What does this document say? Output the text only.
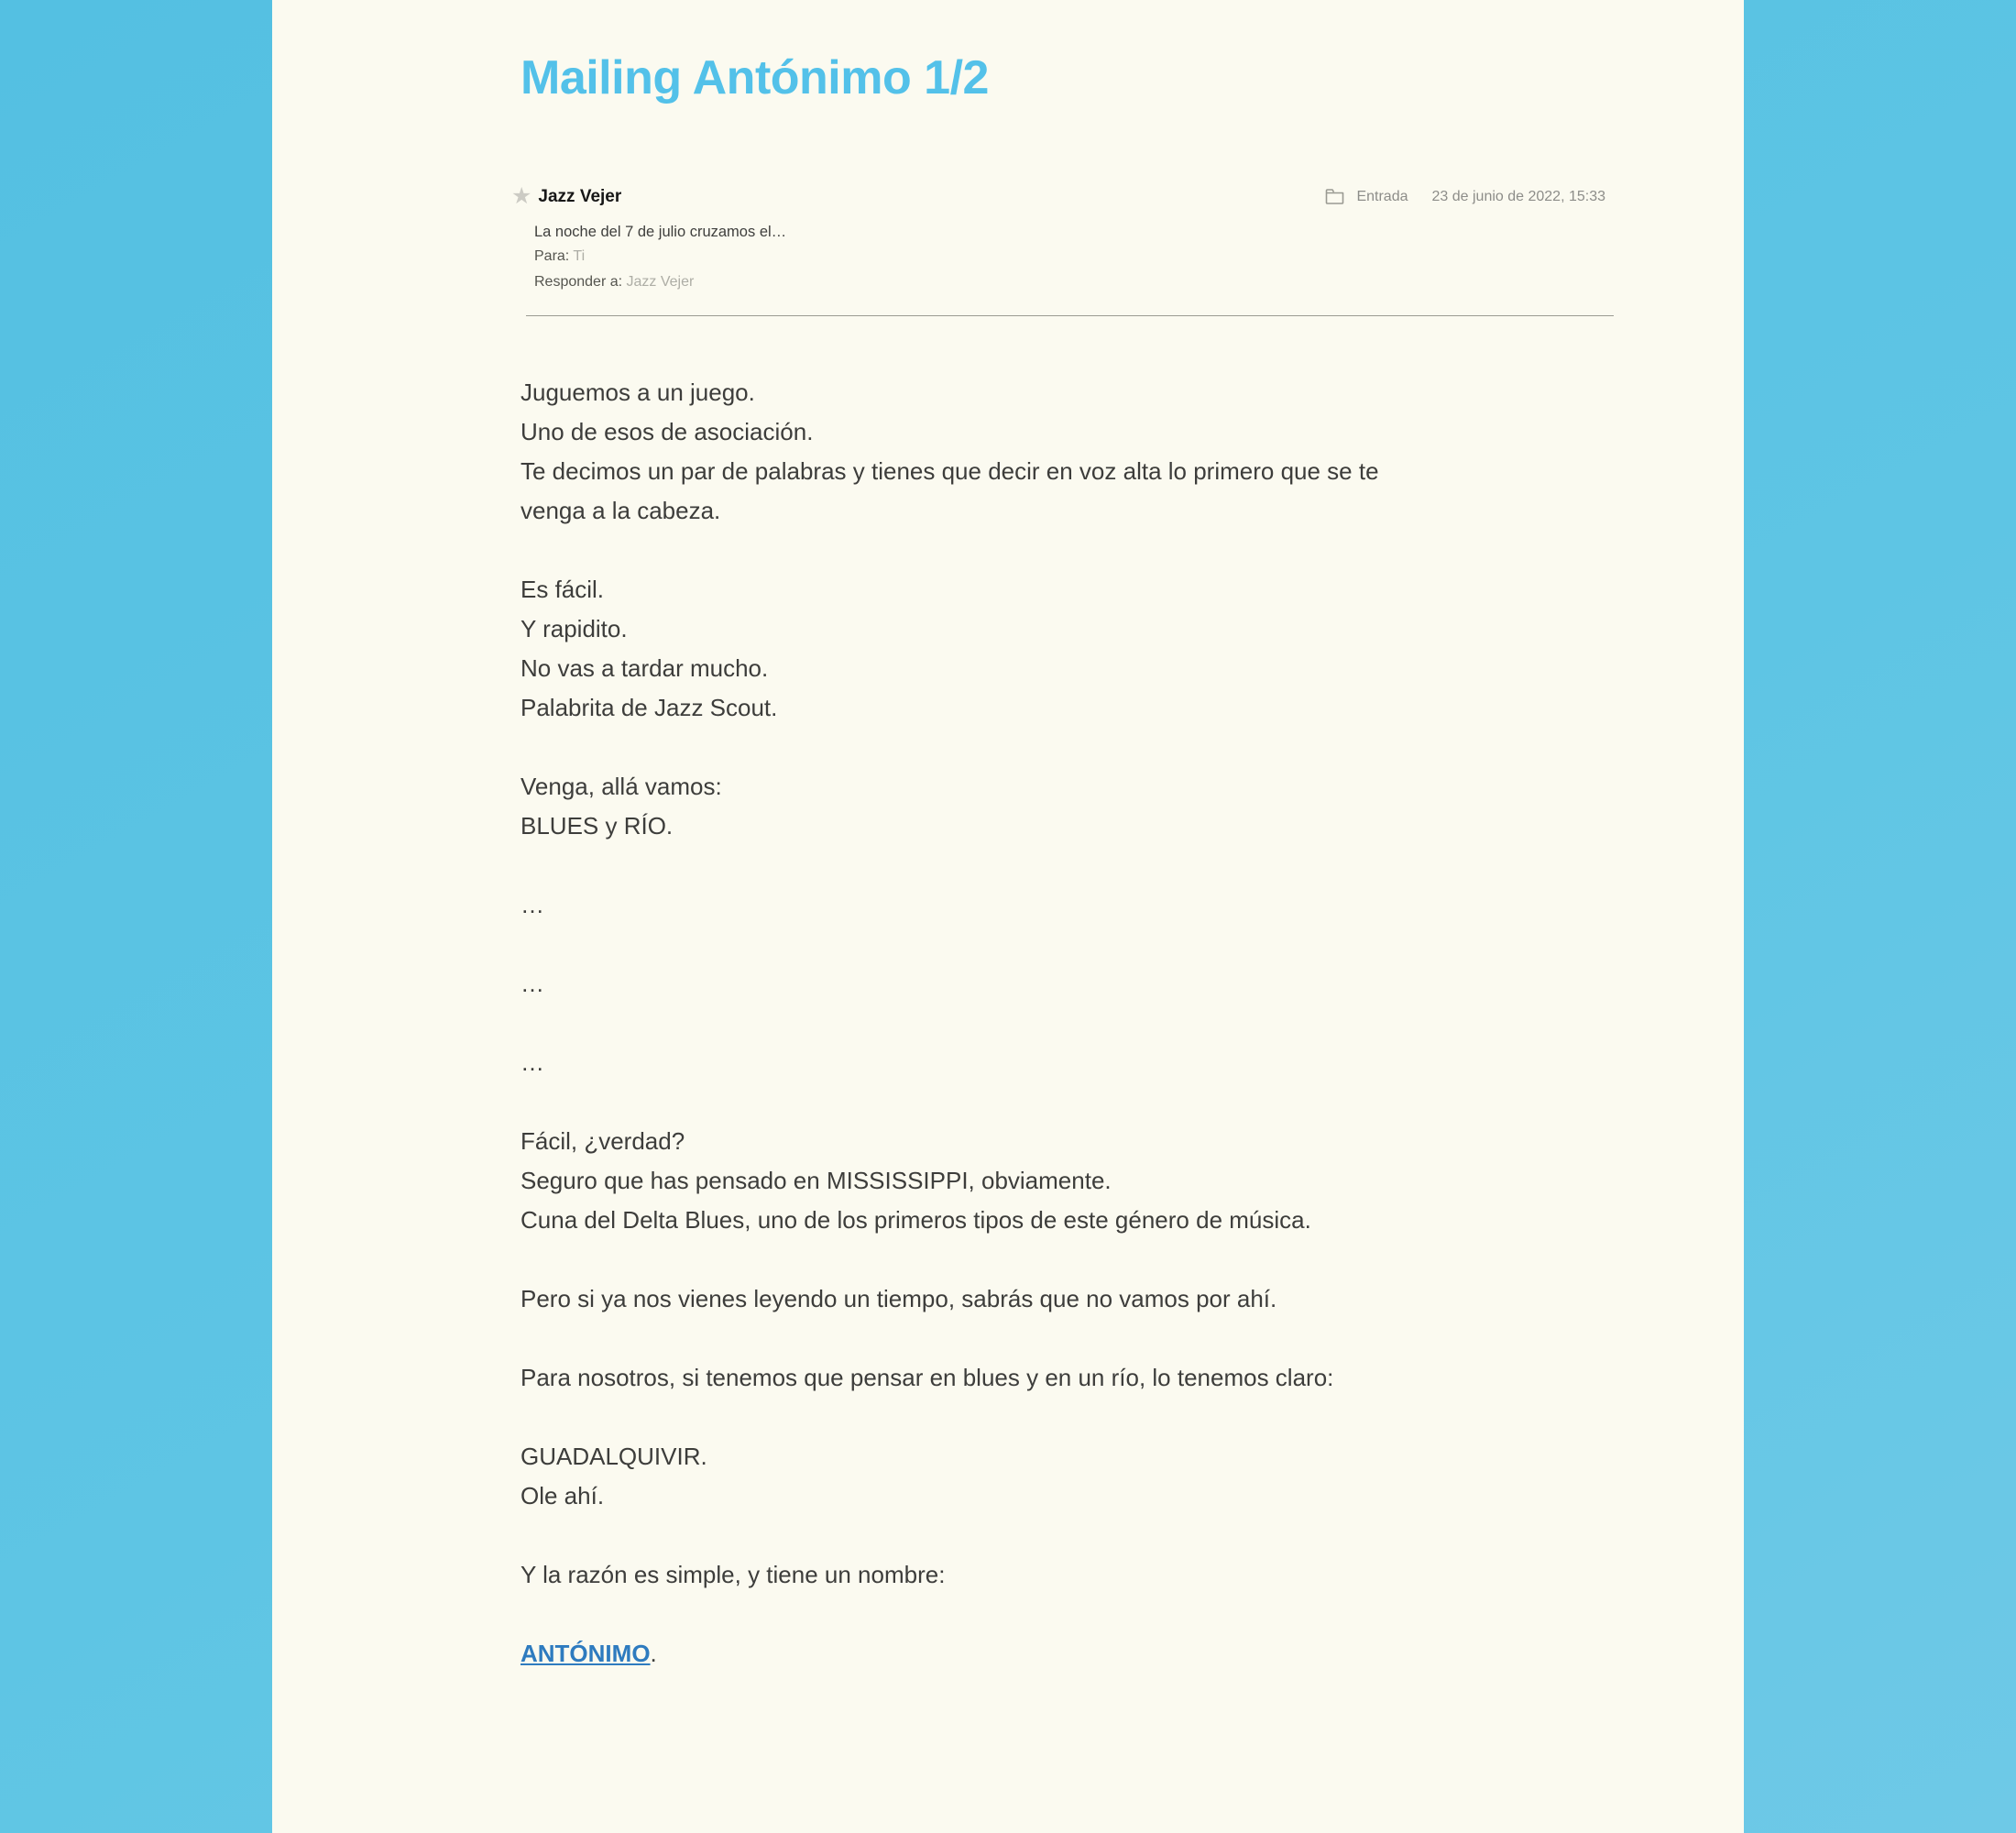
Mailing Antónimo 1/2
★ Jazz Vejer	Entrada 23 de junio de 2022, 15:33
La noche del 7 de julio cruzamos el…
Para: Ti
Responder a: Jazz Vejer

Juguemos a un juego.
Uno de esos de asociación.
Te decimos un par de palabras y tienes que decir en voz alta lo primero que se te
venga a la cabeza.

Es fácil.
Y rapidito.
No vas a tardar mucho.
Palabrita de Jazz Scout.

Venga, allá vamos:
BLUES y RÍO.

…

…

…

Fácil, ¿verdad?
Seguro que has pensado en MISSISSIPPI, obviamente.
Cuna del Delta Blues, uno de los primeros tipos de este género de música.

Pero si ya nos vienes leyendo un tiempo, sabrás que no vamos por ahí.

Para nosotros, si tenemos que pensar en blues y en un río, lo tenemos claro:

GUADALQUIVIR.
Ole ahí.

Y la razón es simple, y tiene un nombre:

ANTÓNIMO.
